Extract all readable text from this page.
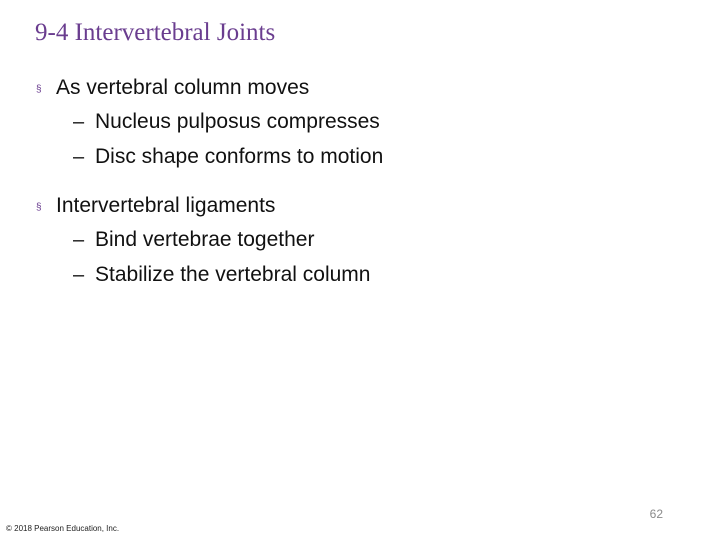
9-4 Intervertebral Joints
§ As vertebral column moves
– Nucleus pulposus compresses
– Disc shape conforms to motion
§ Intervertebral ligaments
– Bind vertebrae together
– Stabilize the vertebral column
62
© 2018 Pearson Education, Inc.
